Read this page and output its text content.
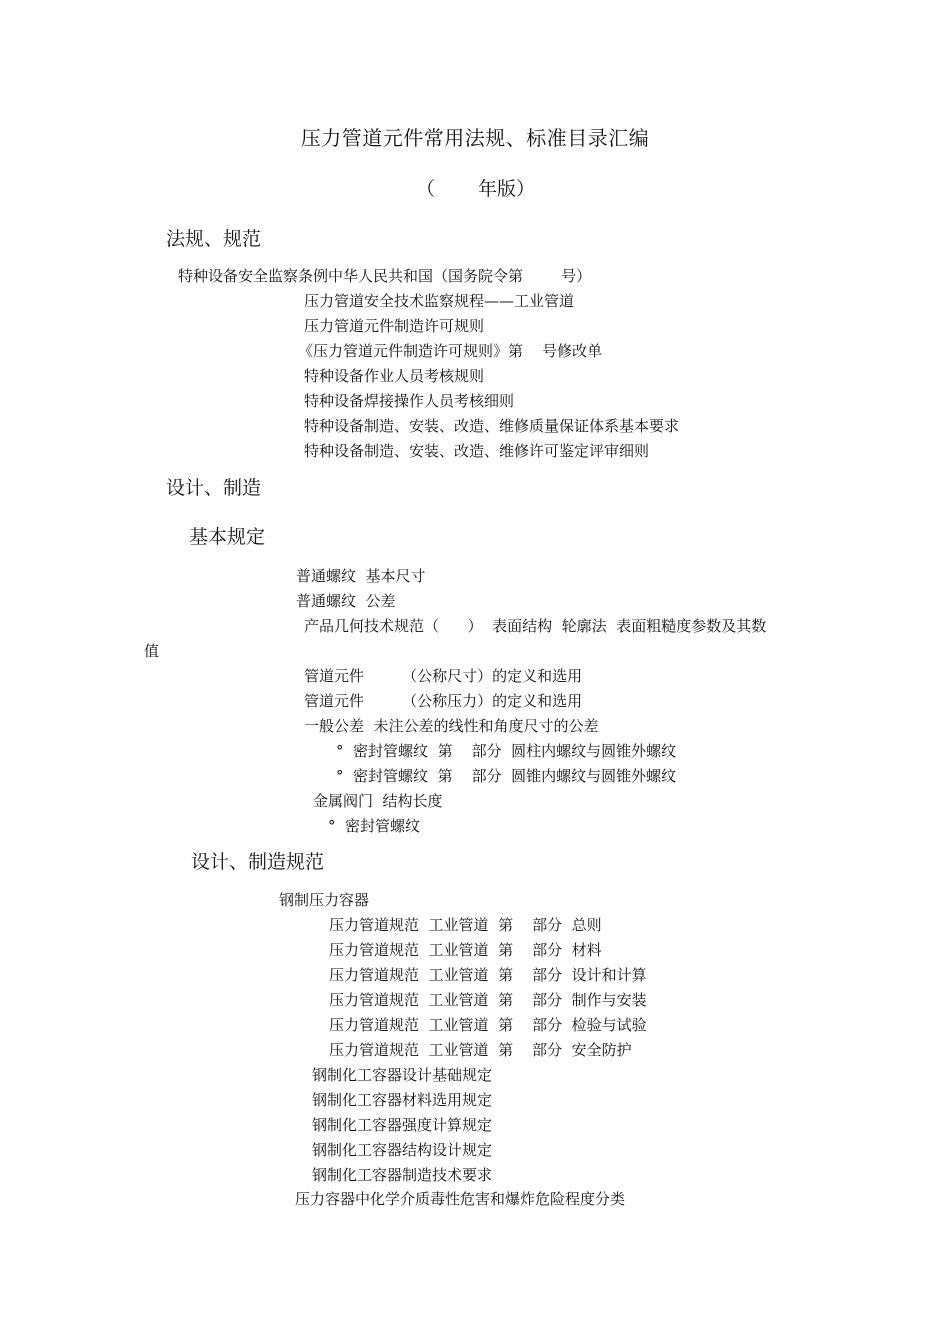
压力管道元件常用法规、标准目录汇编
（ 年版）
法规、规范
特种设备安全监察条例中华人民共和国（国务院令第        号）
压力管道安全技术监察规程——工业管道
压力管道元件制造许可规则
《压力管道元件制造许可规则》第    号修改单
特种设备作业人员考核规则
特种设备焊接操作人员考核细则
特种设备制造、安装、改造、维修质量保证体系基本要求
特种设备制造、安装、改造、维修许可鉴定评审细则
设计、制造
基本规定
普通螺纹  基本尺寸
普通螺纹  公差
产品几何技术规范（      ）  表面结构  轮廓法  表面粗糙度参数及其数
值
管道元件        （公称尺寸）的定义和选用
管道元件        （公称压力）的定义和选用
一般公差  未注公差的线性和角度尺寸的公差
°  密封管螺纹  第    部分  圆柱内螺纹与圆锥外螺纹
°  密封管螺纹  第    部分  圆锥内螺纹与圆锥外螺纹
金属阀门  结构长度
°  密封管螺纹
设计、制造规范
钢制压力容器
压力管道规范  工业管道  第    部分  总则
压力管道规范  工业管道  第    部分  材料
压力管道规范  工业管道  第    部分  设计和计算
压力管道规范  工业管道  第    部分  制作与安装
压力管道规范  工业管道  第    部分  检验与试验
压力管道规范  工业管道  第    部分  安全防护
钢制化工容器设计基础规定
钢制化工容器材料选用规定
钢制化工容器强度计算规定
钢制化工容器结构设计规定
钢制化工容器制造技术要求
压力容器中化学介质毒性危害和爆炸危险程度分类
